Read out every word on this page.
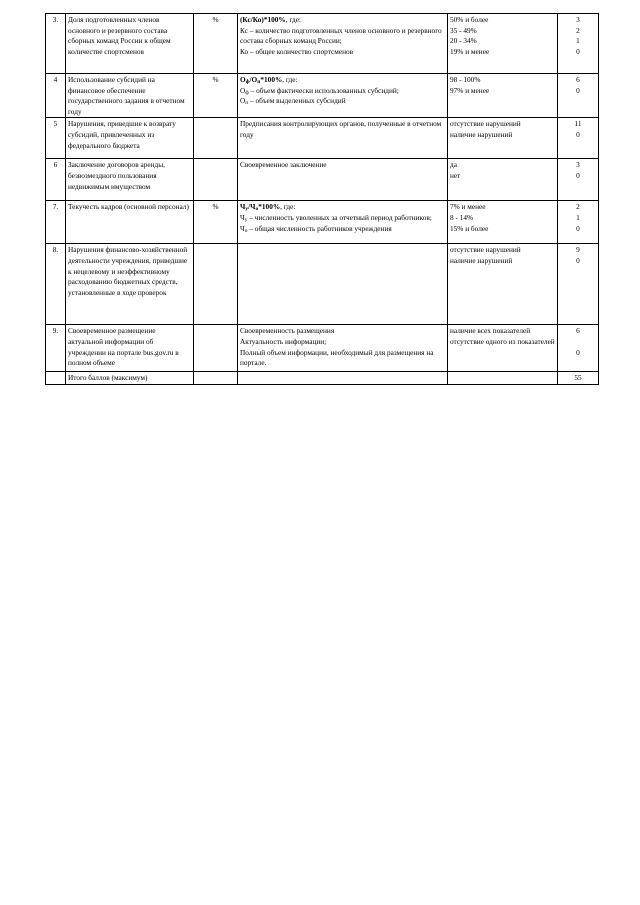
3.	Доля подготовленных членов основного и резервного состава сборных команд России к общем количестве спортсменов	%	(Кс/Ко)*100%, где:
Кс – количество подготовленных членов основного и резервного состава сборных команд России;
Ко – общее количество спортсменов	50% и более
35 - 49%
20 - 34%
19% и менее	3
2
1
0

4	Использование субсидий на финансовое обеспечение государственного задания в отчетном году	%	$О_ф/О_п*100\%$, где:
$О_ф$ – объем фактически использованных субсидий;
$О_п$ – объем выделенных субсидий	98 - 100%
97% и менее	6
0

5	Нарушения, приведшие к возврату субсидий, привлеченных из федерального бюджета		Предписания контролирующих органов, полученные в отчетном году	отсутствие нарушений
наличие нарушений	11
0

6	Заключение договоров аренды, безвозмездного пользования недвижимым имуществом		Своевременное заключение	да
нет	3
0

7.	Текучесть кадров (основной персонал)	%	$Ч_у/Ч_о*100\%$, где:
$Ч_у$ – численность уволенных за отчетный период работников;
$Ч_о$ – общая численность работников учреждения	7% и менее
8 - 14%
15% и более	2
1
0

8.	Нарушения финансово-хозяйственной деятельности учреждения, приведшие к нецелевому и неэффективному расходованию бюджетных средств, установленные в ходе проверок			отсутствие нарушений
наличие нарушений	9
0

9.	Своевременное размещение актуальной информации об учреждении на портале bus.gov.ru в полном объеме		Своевременность размещения
Актуальность информации;
Полный объем информации, необходимый для размещения на портале.	наличие всех показателей
отсутствие одного из показателей	6
0

	Итого баллов (максимум)				55
